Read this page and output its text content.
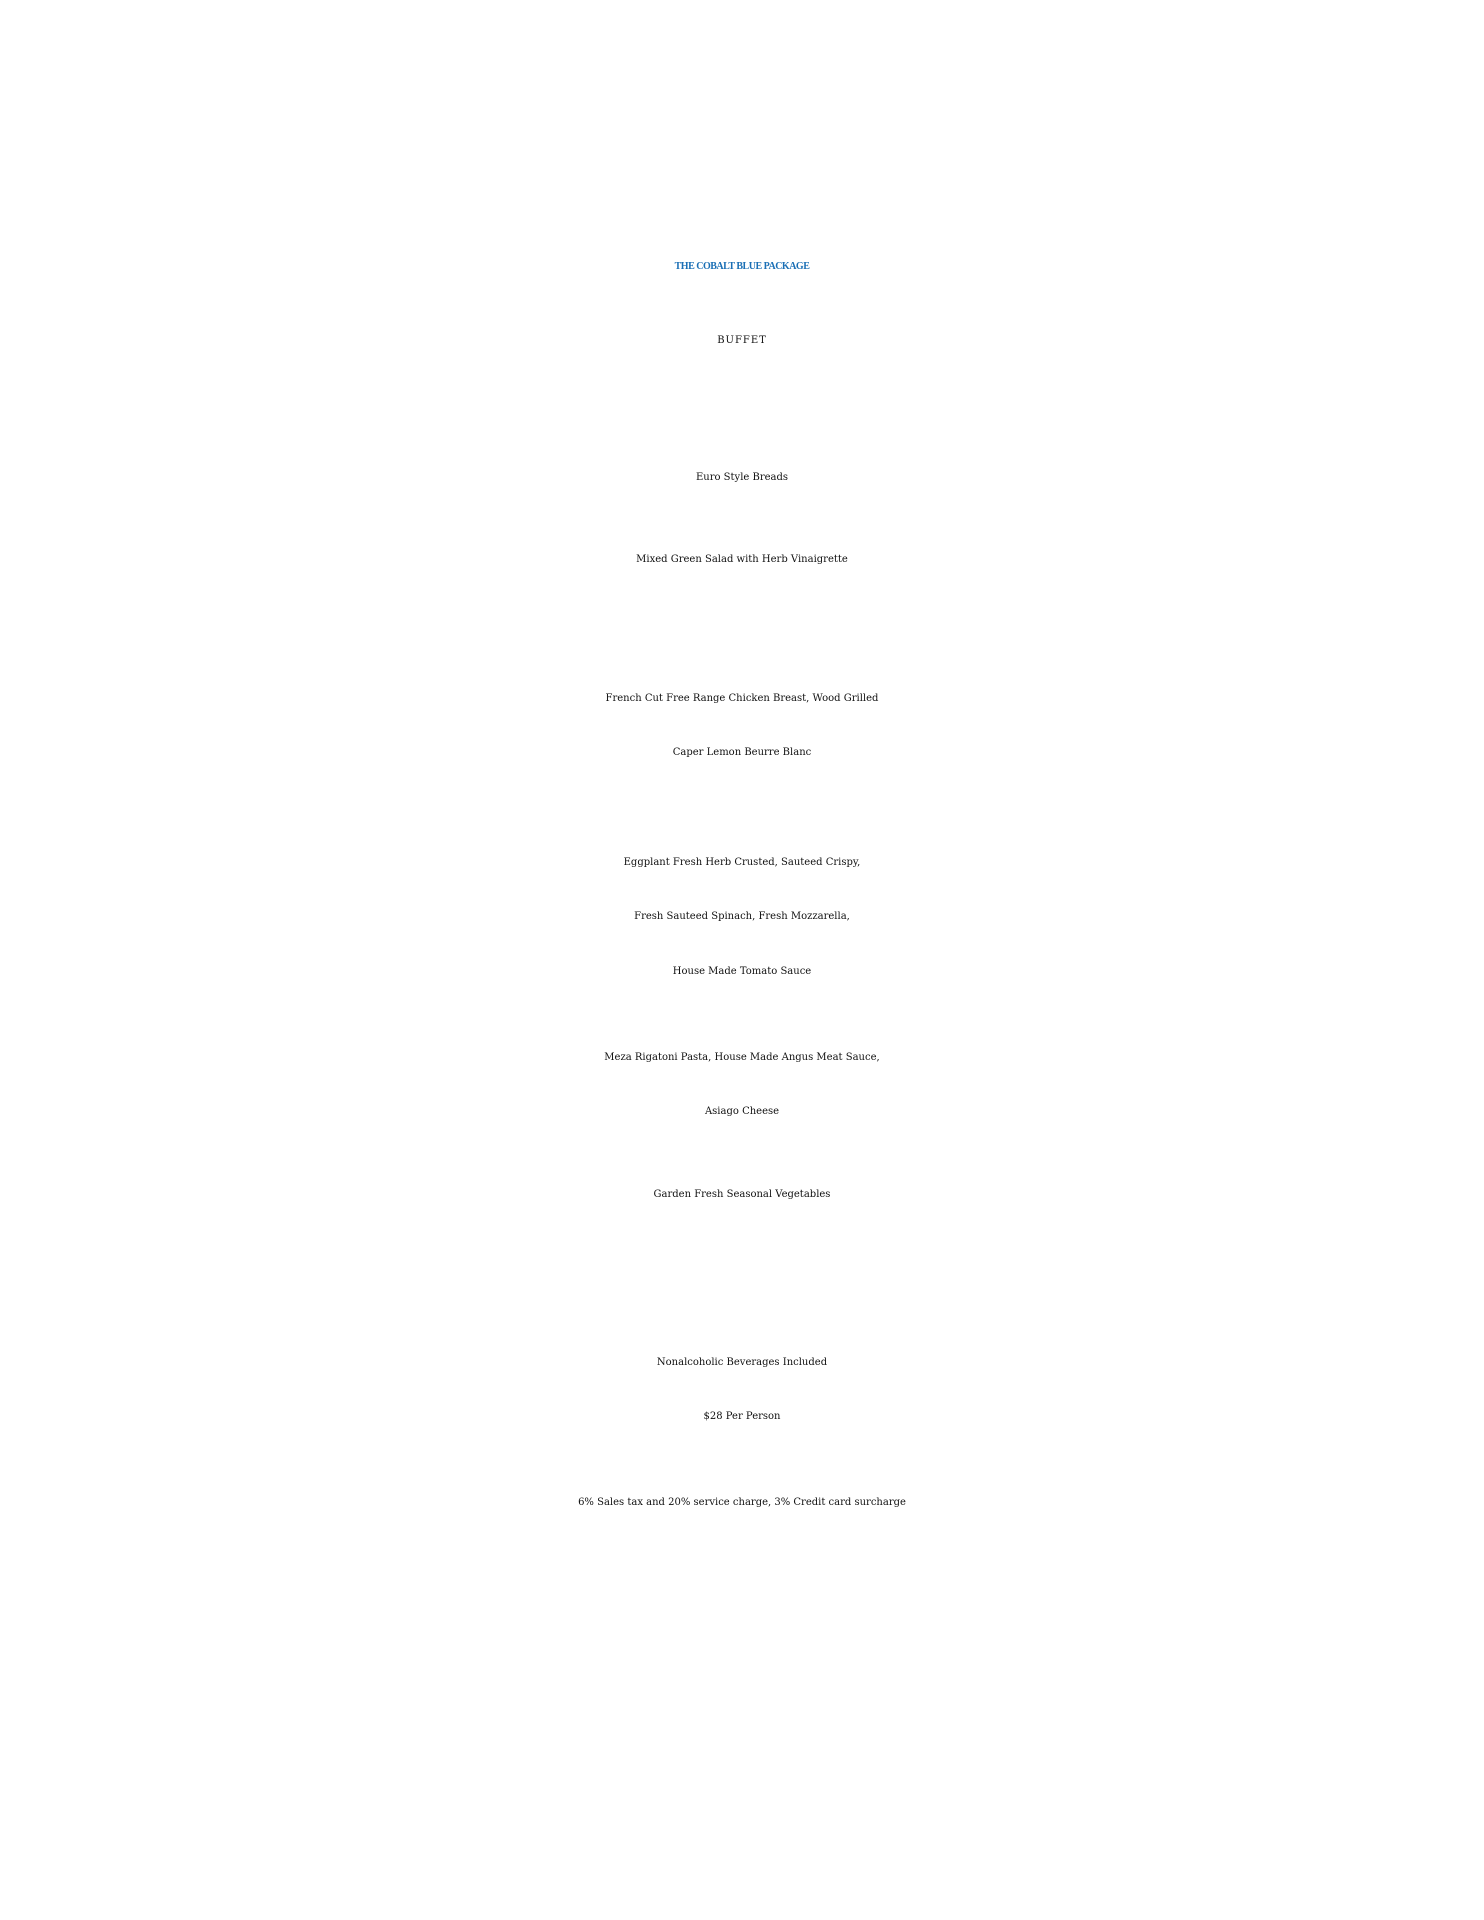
THE COBALT BLUE PACKAGE
BUFFET
Euro Style Breads
Mixed Green Salad with Herb Vinaigrette
French Cut Free Range Chicken Breast, Wood Grilled
Caper Lemon Beurre Blanc
Eggplant Fresh Herb Crusted, Sauteed Crispy,
Fresh Sauteed Spinach, Fresh Mozzarella,
House Made Tomato Sauce
Meza Rigatoni Pasta, House Made Angus Meat Sauce,
Asiago Cheese
Garden Fresh Seasonal Vegetables
Nonalcoholic Beverages Included
$28 Per Person
6% Sales tax and 20% service charge, 3% Credit card surcharge
